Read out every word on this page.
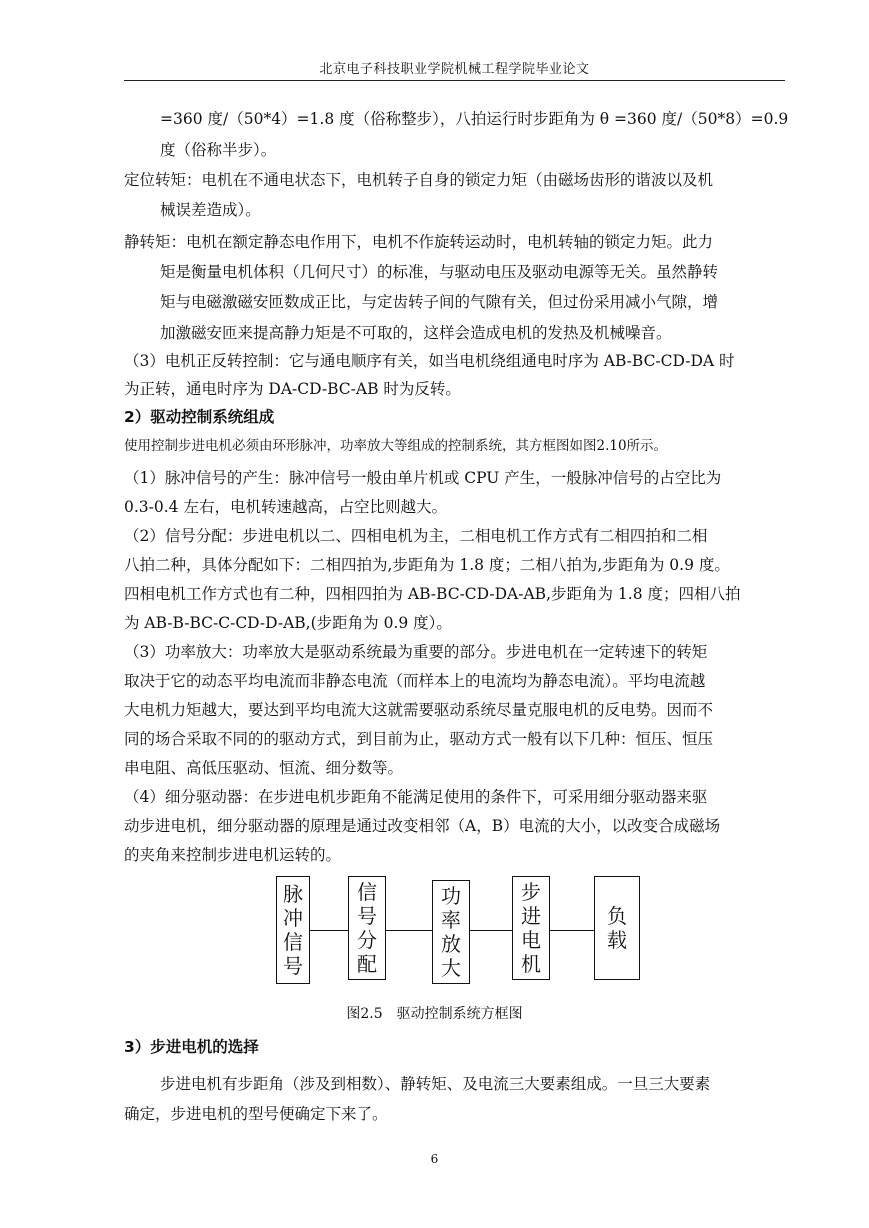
北京电子科技职业学院机械工程学院毕业论文
=360 度/（50*4）=1.8 度（俗称整步），八拍运行时步距角为 θ =360 度/（50*8）=0.9
度（俗称半步）。
定位转矩：电机在不通电状态下，电机转子自身的锁定力矩（由磁场齿形的谐波以及机
械误差造成）。
静转矩：电机在额定静态电作用下，电机不作旋转运动时，电机转轴的锁定力矩。此力
矩是衡量电机体积（几何尺寸）的标准，与驱动电压及驱动电源等无关。虽然静转
矩与电磁激磁安匝数成正比，与定齿转子间的气隙有关，但过份采用减小气隙，增
加激磁安匝来提高静力矩是不可取的，这样会造成电机的发热及机械噪音。
（3）电机正反转控制：它与通电顺序有关，如当电机绕组通电时序为 AB-BC-CD-DA 时
为正转，通电时序为 DA-CD-BC-AB 时为反转。
2）驱动控制系统组成
使用控制步进电机必须由环形脉冲，功率放大等组成的控制系统，其方框图如图2.10所示。
（1）脉冲信号的产生：脉冲信号一般由单片机或 CPU 产生，一般脉冲信号的占空比为
0.3-0.4 左右，电机转速越高，占空比则越大。
（2）信号分配：步进电机以二、四相电机为主，二相电机工作方式有二相四拍和二相
八拍二种，具体分配如下：二相四拍为,步距角为 1.8 度；二相八拍为,步距角为 0.9 度。
四相电机工作方式也有二种，四相四拍为 AB-BC-CD-DA-AB,步距角为 1.8 度；四相八拍
为 AB-B-BC-C-CD-D-AB,(步距角为 0.9 度）。
（3）功率放大：功率放大是驱动系统最为重要的部分。步进电机在一定转速下的转矩
取决于它的动态平均电流而非静态电流（而样本上的电流均为静态电流）。平均电流越
大电机力矩越大，要达到平均电流大这就需要驱动系统尽量克服电机的反电势。因而不
同的场合采取不同的的驱动方式，到目前为止，驱动方式一般有以下几种：恒压、恒压
串电阻、高低压驱动、恒流、细分数等。
（4）细分驱动器：在步进电机步距角不能满足使用的条件下，可采用细分驱动器来驱
动步进电机，细分驱动器的原理是通过改变相邻（A，B）电流的大小，以改变合成磁场
的夹角来控制步进电机运转的。
脉
冲
信
号
信
号
分
配
功
率
放
大
步
进
电
机
负
载
图2.5　驱动控制系统方框图
3）步进电机的选择
步进电机有步距角（涉及到相数）、静转矩、及电流三大要素组成。一旦三大要素
确定，步进电机的型号便确定下来了。
6
